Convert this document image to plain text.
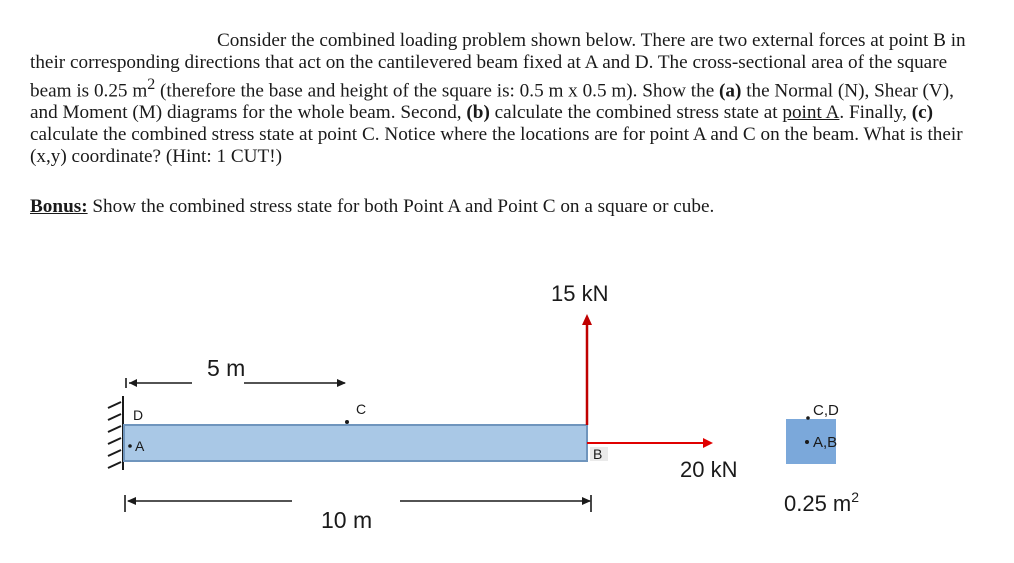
Consider the combined loading problem shown below. There are two external forces at point B in their corresponding directions that act on the cantilevered beam fixed at A and D. The cross-sectional area of the square beam is 0.25 $m^2$ (therefore the base and height of the square is: 0.5 m x 0.5 m). Show the (a) the Normal (N), Shear (V), and Moment (M) diagrams for the whole beam. Second, (b) calculate the combined stress state at point A. Finally, (c) calculate the combined stress state at point C. Notice where the locations are for point A and C on the beam. What is their (x,y) coordinate? (Hint: 1 CUT!)

Bonus: Show the combined stress state for both Point A and Point C on a square or cube.

15 kN
20 kN
5 m
10 m
D
A
C
B
C,D
A,B
0.25 $m^2$
